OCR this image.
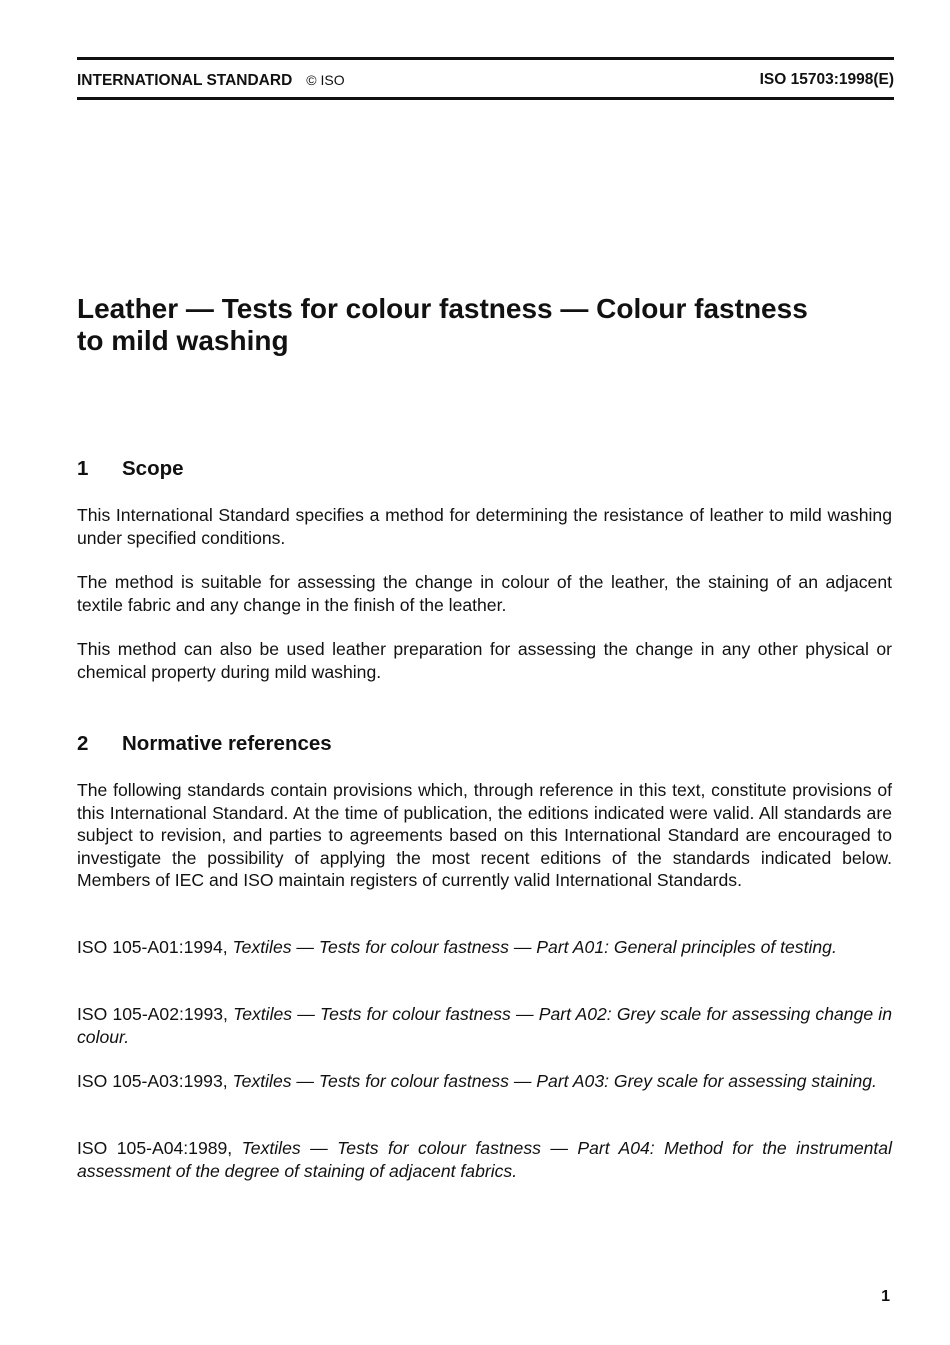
INTERNATIONAL STANDARD © ISO	ISO 15703:1998(E)
Leather — Tests for colour fastness — Colour fastness
to mild washing
1 Scope

This International Standard specifies a method for determining the resistance of leather to mild washing under specified conditions.

The method is suitable for assessing the change in colour of the leather, the staining of an adjacent textile fabric and any change in the finish of the leather.

This method can also be used leather preparation for assessing the change in any other physical or chemical property during mild washing.

2 Normative references

The following standards contain provisions which, through reference in this text, constitute provisions of this International Standard. At the time of publication, the editions indicated were valid. All standards are subject to revision, and parties to agreements based on this International Standard are encouraged to investigate the possibility of applying the most recent editions of the standards indicated below. Members of IEC and ISO maintain registers of currently valid International Standards.

ISO 105-A01:1994, Textiles — Tests for colour fastness — Part A01: General principles of testing.

ISO 105-A02:1993, Textiles — Tests for colour fastness — Part A02: Grey scale for assessing change in colour.

ISO 105-A03:1993, Textiles — Tests for colour fastness — Part A03: Grey scale for assessing staining.

ISO 105-A04:1989, Textiles — Tests for colour fastness — Part A04: Method for the instrumental assessment of the degree of staining of adjacent fabrics.

1
